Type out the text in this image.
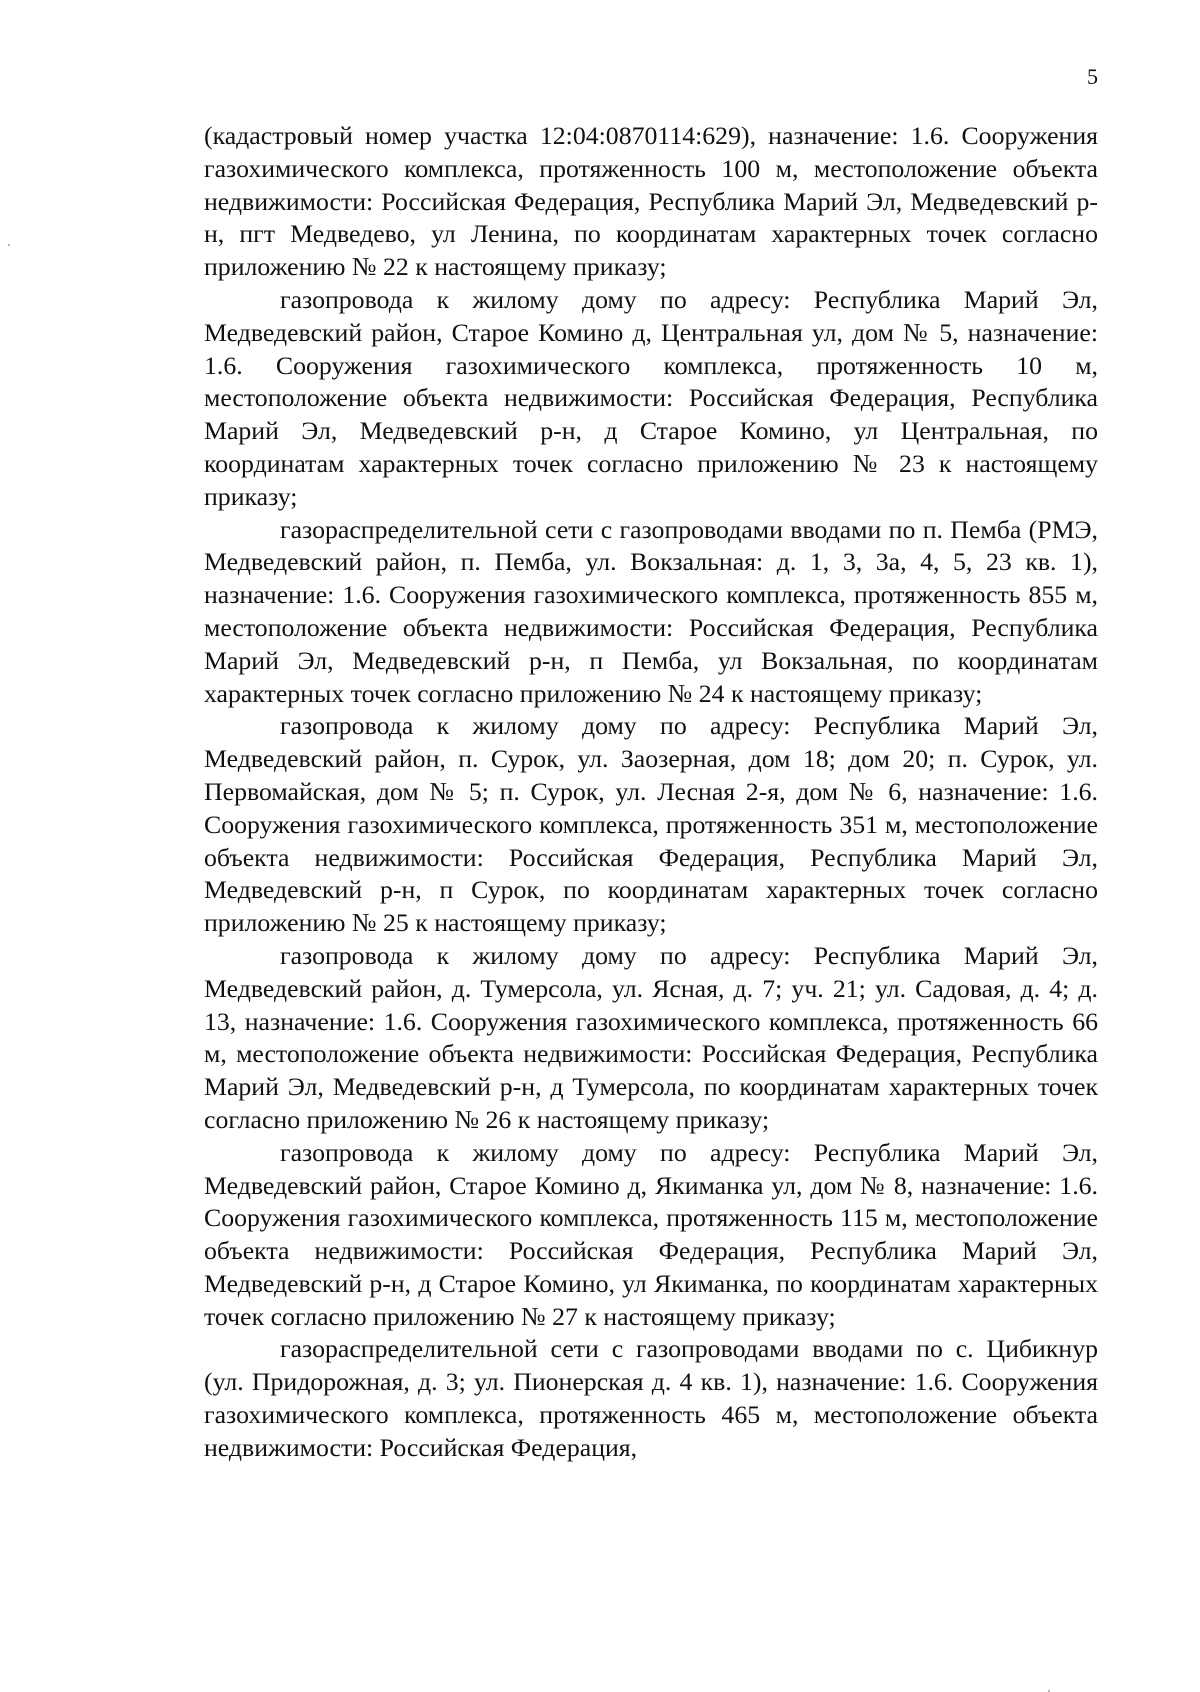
5

(кадастровый номер участка 12:04:0870114:629), назначение: 1.6. Сооружения газохимического комплекса, протяженность 100 м, местоположение объекта недвижимости: Российская Федерация, Республика Марий Эл, Медведевский р-н, пгт Медведево, ул Ленина, по координатам характерных точек согласно приложению № 22 к настоящему приказу;

газопровода к жилому дому по адресу: Республика Марий Эл, Медведевский район, Старое Комино д, Центральная ул, дом № 5, назначение: 1.6. Сооружения газохимического комплекса, протяженность 10 м, местоположение объекта недвижимости: Российская Федерация, Республика Марий Эл, Медведевский р-н, д Старое Комино, ул Центральная, по координатам характерных точек согласно приложению № 23 к настоящему приказу;

газораспределительной сети с газопроводами вводами по п. Пемба (РМЭ, Медведевский район, п. Пемба, ул. Вокзальная: д. 1, 3, 3а, 4, 5, 23 кв. 1), назначение: 1.6. Сооружения газохимического комплекса, протяженность 855 м, местоположение объекта недвижимости: Российская Федерация, Республика Марий Эл, Медведевский р-н, п Пемба, ул Вокзальная, по координатам характерных точек согласно приложению № 24 к настоящему приказу;

газопровода к жилому дому по адресу: Республика Марий Эл, Медведевский район, п. Сурок, ул. Заозерная, дом 18; дом 20; п. Сурок, ул. Первомайская, дом № 5; п. Сурок, ул. Лесная 2-я, дом № 6, назначение: 1.6. Сооружения газохимического комплекса, протяженность 351 м, местоположение объекта недвижимости: Российская Федерация, Республика Марий Эл, Медведевский р-н, п Сурок, по координатам характерных точек согласно приложению № 25 к настоящему приказу;

газопровода к жилому дому по адресу: Республика Марий Эл, Медведевский район, д. Тумерсола, ул. Ясная, д. 7; уч. 21; ул. Садовая, д. 4; д. 13, назначение: 1.6. Сооружения газохимического комплекса, протяженность 66 м, местоположение объекта недвижимости: Российская Федерация, Республика Марий Эл, Медведевский р-н, д Тумерсола, по координатам характерных точек согласно приложению № 26 к настоящему приказу;

газопровода к жилому дому по адресу: Республика Марий Эл, Медведевский район, Старое Комино д, Якиманка ул, дом № 8, назначение: 1.6. Сооружения газохимического комплекса, протяженность 115 м, местоположение объекта недвижимости: Российская Федерация, Республика Марий Эл, Медведевский р-н, д Старое Комино, ул Якиманка, по координатам характерных точек согласно приложению № 27 к настоящему приказу;

газораспределительной сети с газопроводами вводами по с. Цибикнур (ул. Придорожная, д. 3; ул. Пионерская д. 4 кв. 1), назначение: 1.6. Сооружения газохимического комплекса, протяженность 465 м, местоположение объекта недвижимости: Российская Федерация,
